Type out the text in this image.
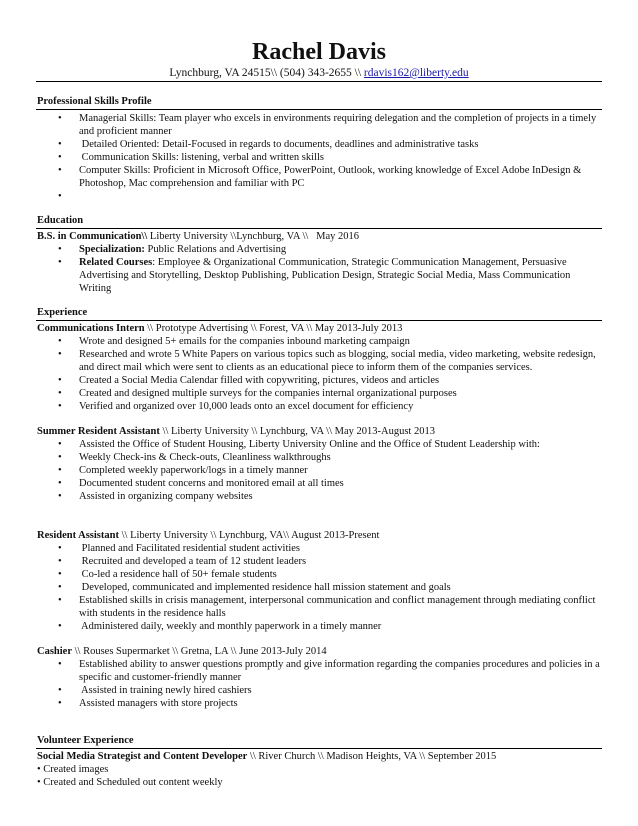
Rachel Davis
Lynchburg, VA 24515\\ (504) 343-2655 \\ rdavis162@liberty.edu
Professional Skills Profile
•	Managerial Skills: Team player who excels in environments requiring delegation and the completion of projects in a timely and proficient manner
•	Detailed Oriented: Detail-Focused in regards to documents, deadlines and administrative tasks
•	Communication Skills: listening, verbal and written skills
•	Computer Skills: Proficient in Microsoft Office, PowerPoint, Outlook, working knowledge of Excel Adobe InDesign & Photoshop, Mac comprehension and familiar with PC
•
Education
B.S. in Communication\\ Liberty University \\Lynchburg, VA \\   May 2016
•	Specialization: Public Relations and Advertising
•	Related Courses: Employee & Organizational Communication, Strategic Communication Management, Persuasive Advertising and Storytelling, Desktop Publishing, Publication Design, Strategic Social Media, Mass Communication Writing
Experience
Communications Intern \\ Prototype Advertising \\ Forest, VA \\ May 2013-July 2013
•	Wrote and designed 5+ emails for the companies inbound marketing campaign
•	Researched and wrote 5 White Papers on various topics such as blogging, social media, video marketing, website redesign, and direct mail which were sent to clients as an educational piece to inform them of the companies services.
•	Created a Social Media Calendar filled with copywriting, pictures, videos and articles
•	Created and designed multiple surveys for the companies internal organizational purposes
•	Verified and organized over 10,000 leads onto an excel document for efficiency
Summer Resident Assistant \\ Liberty University \\ Lynchburg, VA \\ May 2013-August 2013
•	Assisted the Office of Student Housing, Liberty University Online and the Office of Student Leadership with:
•	Weekly Check-ins & Check-outs, Cleanliness walkthroughs
•	Completed weekly paperwork/logs in a timely manner
•	Documented student concerns and monitored email at all times
•	Assisted in organizing company websites
Resident Assistant \\ Liberty University \\ Lynchburg, VA\\ August 2013-Present
•	Planned and Facilitated residential student activities
•	Recruited and developed a team of 12 student leaders
•	Co-led a residence hall of 50+ female students
•	Developed, communicated and implemented residence hall mission statement and goals
•	Established skills in crisis management, interpersonal communication and conflict management through mediating conflict with students in the residence halls
•	Administered daily, weekly and monthly paperwork in a timely manner
Cashier \\ Rouses Supermarket \\ Gretna, LA \\ June 2013-July 2014
•	Established ability to answer questions promptly and give information regarding the companies procedures and policies in a specific and customer-friendly manner
•	Assisted in training newly hired cashiers
•	Assisted managers with store projects
Volunteer Experience
Social Media Strategist and Content Developer \\ River Church \\ Madison Heights, VA \\ September 2015
• Created images
• Created and Scheduled out content weekly
